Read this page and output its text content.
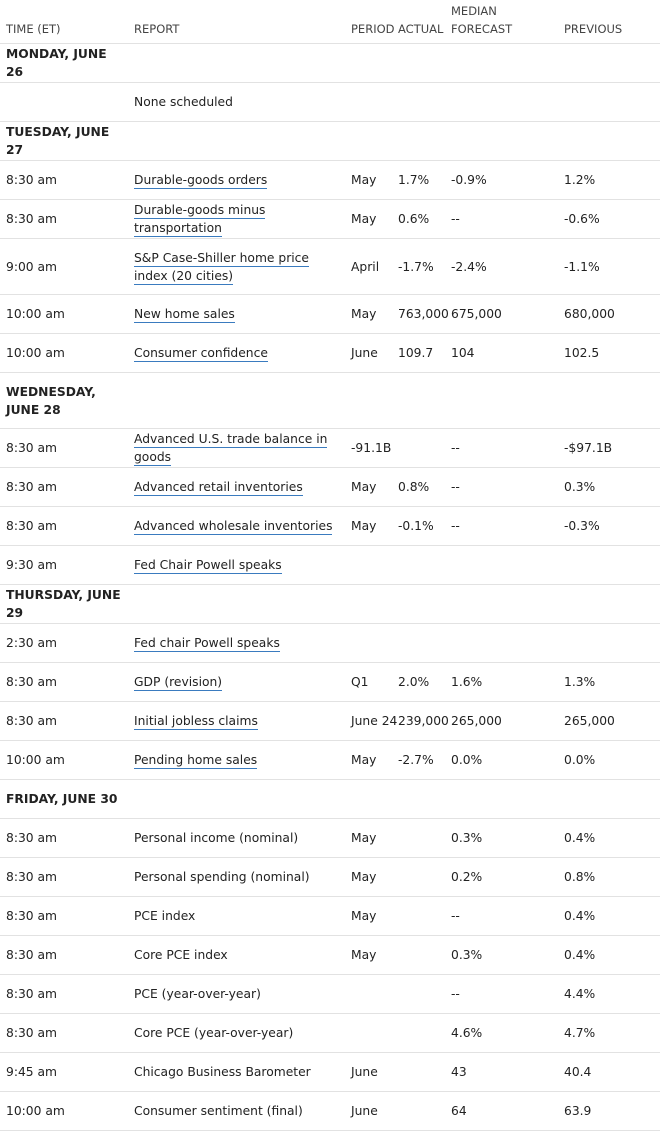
TIME (ET)	REPORT	PERIOD	ACTUAL	MEDIAN FORECAST	PREVIOUS
MONDAY, JUNE 26					
	None scheduled				
TUESDAY, JUNE 27					
8:30 am	Durable-goods orders	May	1.7%	-0.9%	1.2%
8:30 am	Durable-goods minus transportation	May	0.6%	--	-0.6%
9:00 am	S&P Case-Shiller home price index (20 cities)	April	-1.7%	-2.4%	-1.1%
10:00 am	New home sales	May	763,000	675,000	680,000
10:00 am	Consumer confidence	June	109.7	104	102.5
WEDNESDAY, JUNE 28					
8:30 am	Advanced U.S. trade balance in goods	-91.1B		--	-$97.1B
8:30 am	Advanced retail inventories	May	0.8%	--	0.3%
8:30 am	Advanced wholesale inventories	May	-0.1%	--	-0.3%
9:30 am	Fed Chair Powell speaks				
THURSDAY, JUNE 29					
2:30 am	Fed chair Powell speaks				
8:30 am	GDP (revision)	Q1	2.0%	1.6%	1.3%
8:30 am	Initial jobless claims	June 24	239,000	265,000	265,000
10:00 am	Pending home sales	May	-2.7%	0.0%	0.0%
FRIDAY, JUNE 30					
8:30 am	Personal income (nominal)	May		0.3%	0.4%
8:30 am	Personal spending (nominal)	May		0.2%	0.8%
8:30 am	PCE index	May		--	0.4%
8:30 am	Core PCE index	May		0.3%	0.4%
8:30 am	PCE (year-over-year)			--	4.4%
8:30 am	Core PCE (year-over-year)			4.6%	4.7%
9:45 am	Chicago Business Barometer	June		43	40.4
10:00 am	Consumer sentiment (final)	June		64	63.9
